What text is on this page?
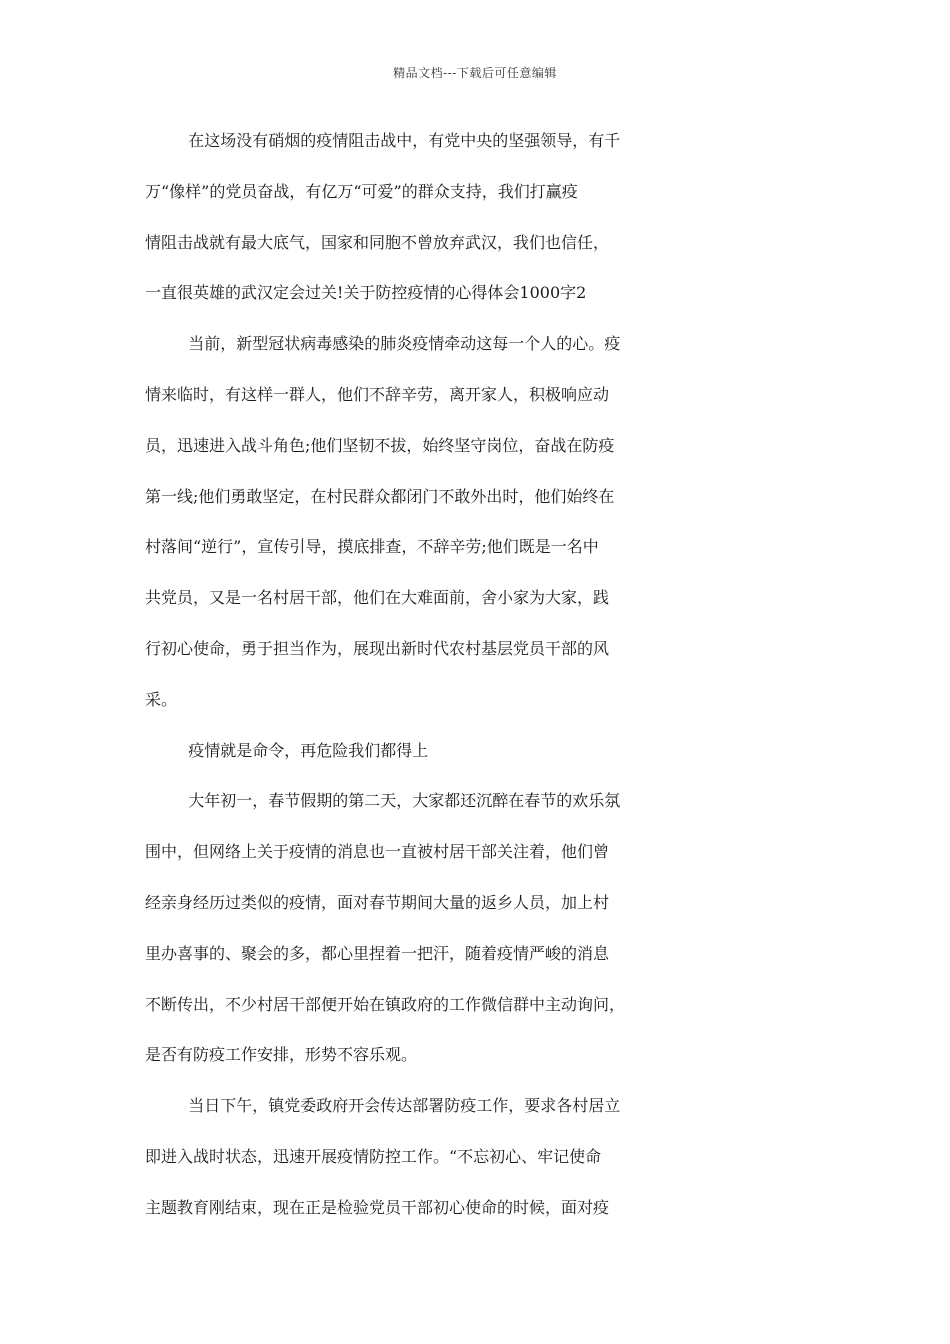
精品文档---下载后可任意编辑
在这场没有硝烟的疫情阻击战中，有党中央的坚强领导，有千
万“像样”的党员奋战，有亿万“可爱”的群众支持，我们打赢疫
情阻击战就有最大底气，国家和同胞不曾放弃武汉，我们也信任，
一直很英雄的武汉定会过关!关于防控疫情的心得体会1000字2
当前，新型冠状病毒感染的肺炎疫情牵动这每一个人的心。疫
情来临时，有这样一群人，他们不辞辛劳，离开家人，积极响应动
员，迅速进入战斗角色;他们坚韧不拔，始终坚守岗位，奋战在防疫
第一线;他们勇敢坚定，在村民群众都闭门不敢外出时，他们始终在
村落间“逆行”，宣传引导，摸底排查，不辞辛劳;他们既是一名中
共党员，又是一名村居干部，他们在大难面前，舍小家为大家，践
行初心使命，勇于担当作为，展现出新时代农村基层党员干部的风
采。
疫情就是命令，再危险我们都得上
大年初一，春节假期的第二天，大家都还沉醉在春节的欢乐氛
围中，但网络上关于疫情的消息也一直被村居干部关注着，他们曾
经亲身经历过类似的疫情，面对春节期间大量的返乡人员，加上村
里办喜事的、聚会的多，都心里捏着一把汗，随着疫情严峻的消息
不断传出，不少村居干部便开始在镇政府的工作微信群中主动询问，
是否有防疫工作安排，形势不容乐观。
当日下午，镇党委政府开会传达部署防疫工作，要求各村居立
即进入战时状态，迅速开展疫情防控工作。“不忘初心、牢记使命
主题教育刚结束，现在正是检验党员干部初心使命的时候，面对疫
